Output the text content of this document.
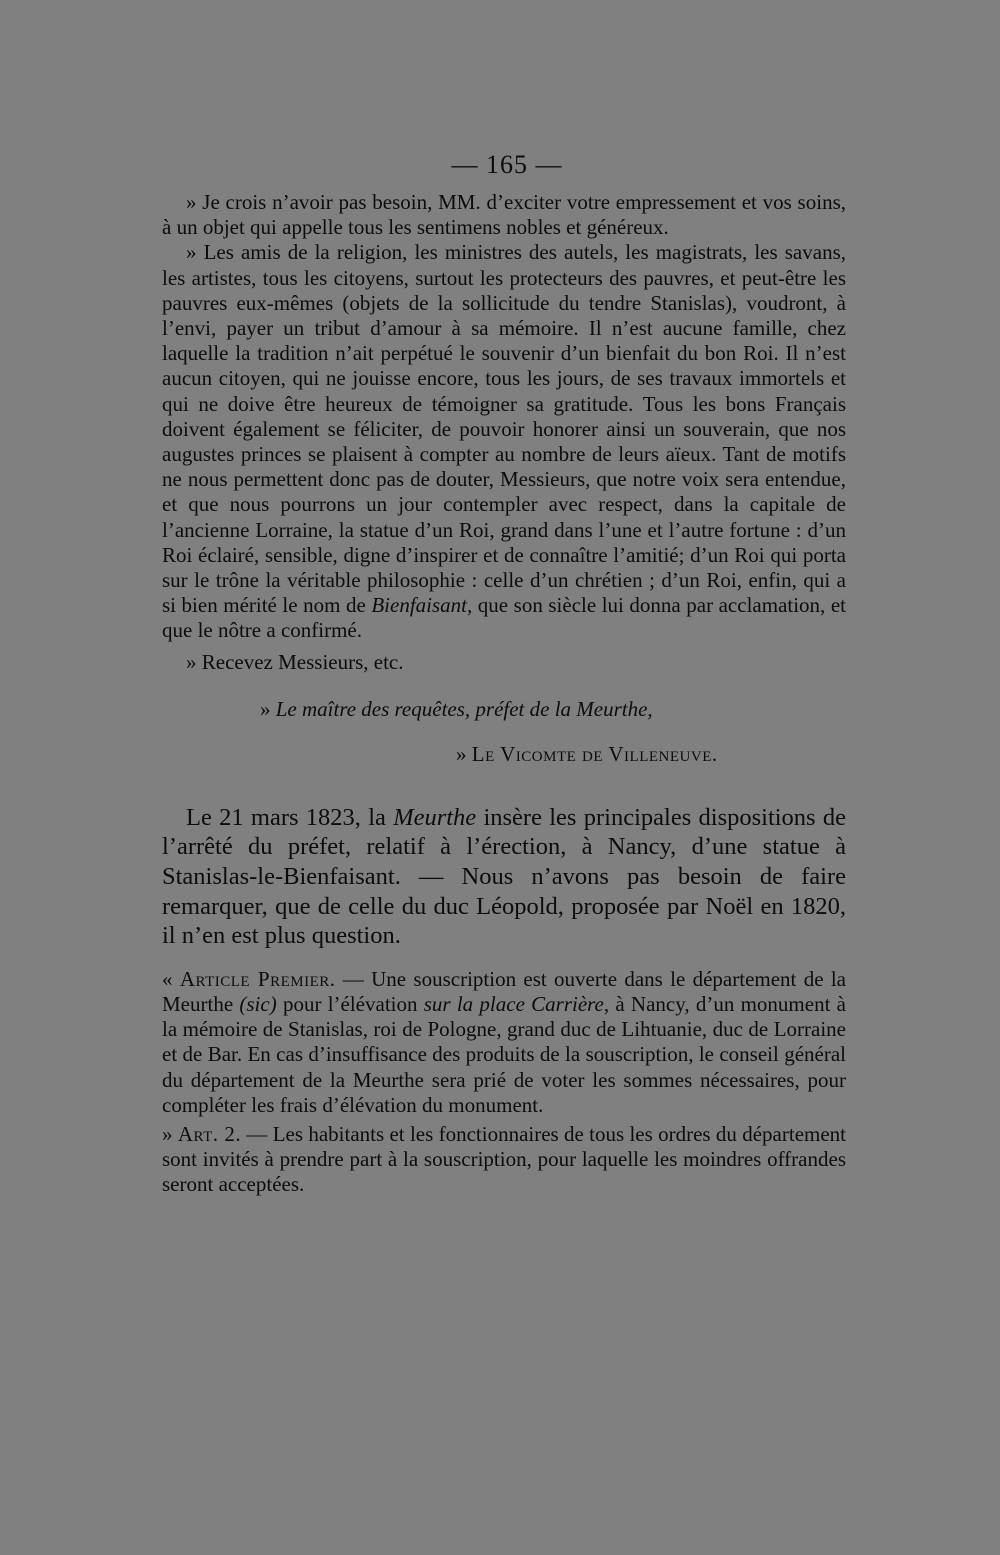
— 165 —

» Je crois n’avoir pas besoin, MM. d’exciter votre empressement et vos soins, à un objet qui appelle tous les sentimens nobles et généreux.

» Les amis de la religion, les ministres des autels, les magistrats, les savans, les artistes, tous les citoyens, surtout les protecteurs des pauvres, et peut-être les pauvres eux-mêmes (objets de la sollicitude du tendre Stanislas), voudront, à l’envi, payer un tribut d’amour à sa mémoire. Il n’est aucune famille, chez laquelle la tradition n’ait perpétué le souvenir d’un bienfait du bon Roi. Il n’est aucun citoyen, qui ne jouisse encore, tous les jours, de ses travaux immortels et qui ne doive être heureux de témoigner sa gratitude. Tous les bons Français doivent également se féliciter, de pouvoir honorer ainsi un souverain, que nos augustes princes se plaisent à compter au nombre de leurs aïeux. Tant de motifs ne nous permettent donc pas de douter, Messieurs, que notre voix sera entendue, et que nous pourrons un jour contempler avec respect, dans la capitale de l’ancienne Lorraine, la statue d’un Roi, grand dans l’une et l’autre fortune : d’un Roi éclairé, sensible, digne d’inspirer et de connaître l’amitié; d’un Roi qui porta sur le trône la véritable philosophie : celle d’un chrétien ; d’un Roi, enfin, qui a si bien mérité le nom de Bienfaisant, que son siècle lui donna par acclamation, et que le nôtre a confirmé.

» Recevez Messieurs, etc.

» Le maître des requêtes, préfet de la Meurthe,
» Le Vicomte de Villeneuve.

Le 21 mars 1823, la Meurthe insère les principales dispositions de l’arrêté du préfet, relatif à l’érection, à Nancy, d’une statue à Stanislas-le-Bienfaisant. — Nous n’avons pas besoin de faire remarquer, que de celle du duc Léopold, proposée par Noël en 1820, il n’en est plus question.

« Article Premier. — Une souscription est ouverte dans le département de la Meurthe (sic) pour l’élévation sur la place Carrière, à Nancy, d’un monument à la mémoire de Stanislas, roi de Pologne, grand duc de Lihtuanie, duc de Lorraine et de Bar. En cas d’insuffisance des produits de la souscription, le conseil général du département de la Meurthe sera prié de voter les sommes nécessaires, pour compléter les frais d’élévation du monument.

» Art. 2. — Les habitants et les fonctionnaires de tous les ordres du département sont invités à prendre part à la souscription, pour laquelle les moindres offrandes seront acceptées.
